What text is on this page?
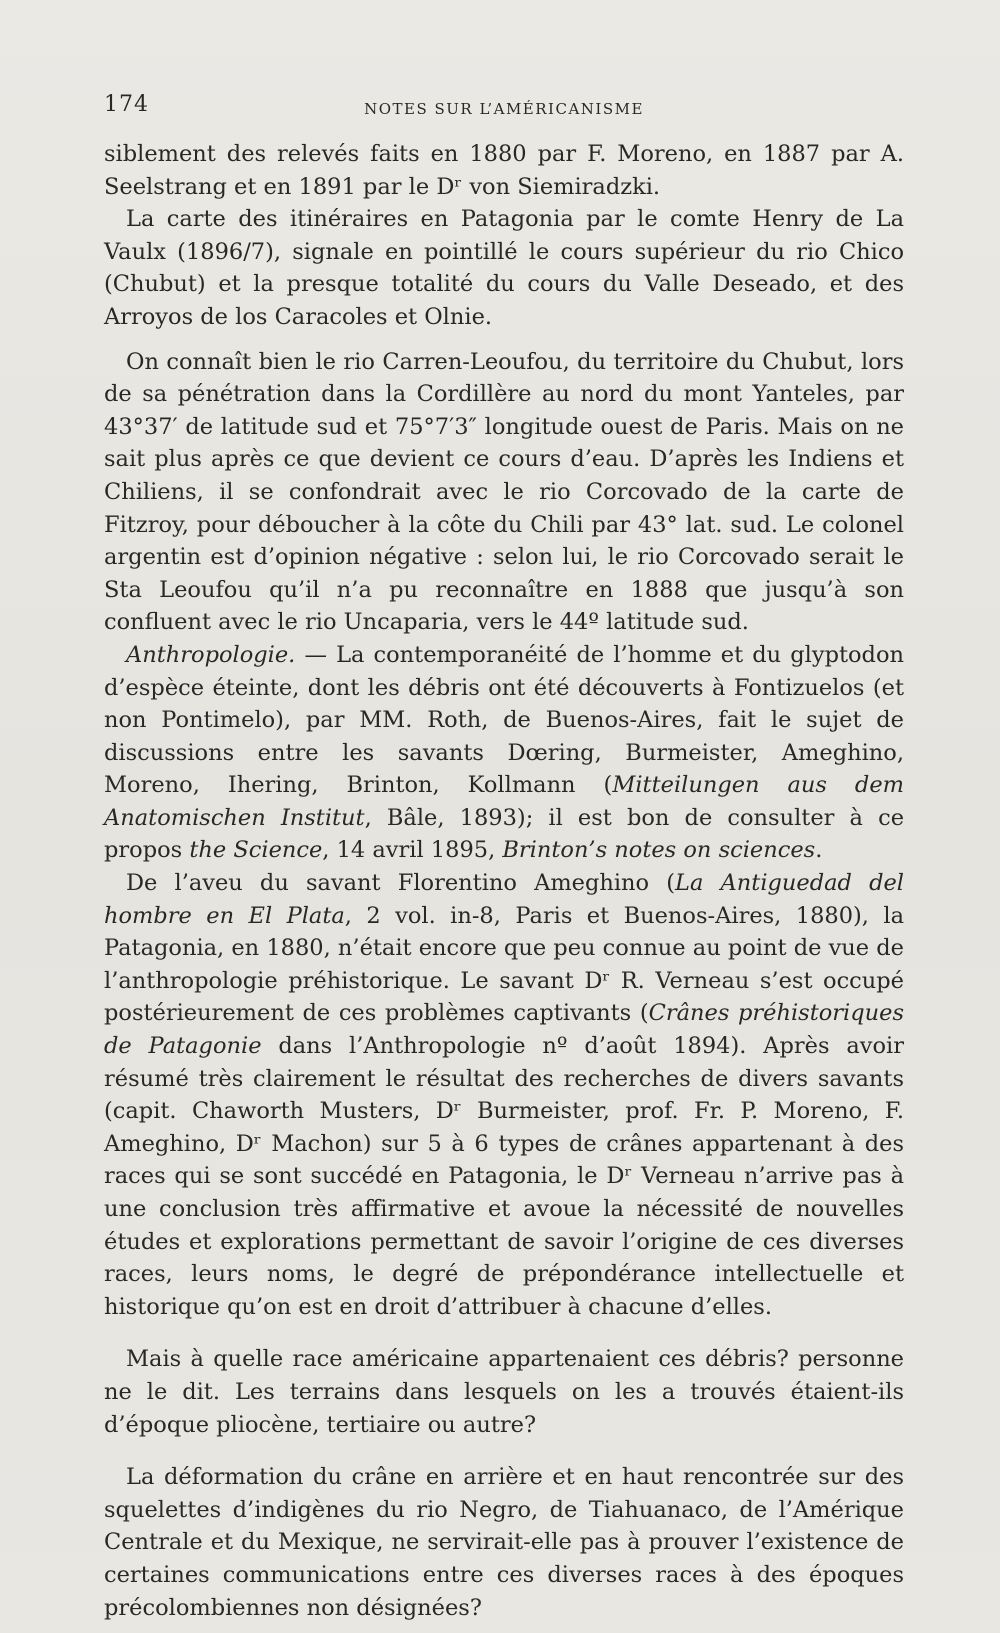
174	NOTES SUR L’AMÉRICANISME

siblement des relevés faits en 1880 par F. Moreno, en 1887 par A. Seelstrang et en 1891 par le Dʳ von Siemiradzki.

La carte des itinéraires en Patagonia par le comte Henry de La Vaulx (1896/7), signale en pointillé le cours supérieur du rio Chico (Chubut) et la presque totalité du cours du Valle Deseado, et des Arroyos de los Caracoles et Olnie.

On connaît bien le rio Carren-Leoufou, du territoire du Chubut, lors de sa pénétration dans la Cordillère au nord du mont Yanteles, par 43°37′ de latitude sud et 75°7′3″ longitude ouest de Paris. Mais on ne sait plus après ce que devient ce cours d’eau. D’après les Indiens et Chiliens, il se confondrait avec le rio Corcovado de la carte de Fitzroy, pour déboucher à la côte du Chili par 43° lat. sud. Le colonel argentin est d’opinion négative : selon lui, le rio Corcovado serait le Sta Leoufou qu’il n’a pu reconnaître en 1888 que jusqu’à son confluent avec le rio Uncaparia, vers le 44º latitude sud.

Anthropologie. — La contemporanéité de l’homme et du glyptodon d’espèce éteinte, dont les débris ont été découverts à Fontizuelos (et non Pontimelo), par MM. Roth, de Buenos-Aires, fait le sujet de discussions entre les savants Dœring, Burmeister, Ameghino, Moreno, Ihering, Brinton, Kollmann (Mitteilungen aus dem Anatomischen Institut, Bâle, 1893); il est bon de consulter à ce propos the Science, 14 avril 1895, Brinton’s notes on sciences.

De l’aveu du savant Florentino Ameghino (La Antiguedad del hombre en El Plata, 2 vol. in-8, Paris et Buenos-Aires, 1880), la Patagonia, en 1880, n’était encore que peu connue au point de vue de l’anthropologie préhistorique. Le savant Dʳ R. Verneau s’est occupé postérieurement de ces problèmes captivants (Crânes préhistoriques de Patagonie dans l’Anthropologie nº d’août 1894). Après avoir résumé très clairement le résultat des recherches de divers savants (capit. Chaworth Musters, Dʳ Burmeister, prof. Fr. P. Moreno, F. Ameghino, Dʳ Machon) sur 5 à 6 types de crânes appartenant à des races qui se sont succédé en Patagonia, le Dʳ Verneau n’arrive pas à une conclusion très affirmative et avoue la nécessité de nouvelles études et explorations permettant de savoir l’origine de ces diverses races, leurs noms, le degré de prépondérance intellectuelle et historique qu’on est en droit d’attribuer à chacune d’elles.

Mais à quelle race américaine appartenaient ces débris? personne ne le dit. Les terrains dans lesquels on les a trouvés étaient-ils d’époque pliocène, tertiaire ou autre?

La déformation du crâne en arrière et en haut rencontrée sur des squelettes d’indigènes du rio Negro, de Tiahuanaco, de l’Amérique Centrale et du Mexique, ne servirait-elle pas à prouver l’existence de certaines communications entre ces diverses races à des époques précolombiennes non désignées?
